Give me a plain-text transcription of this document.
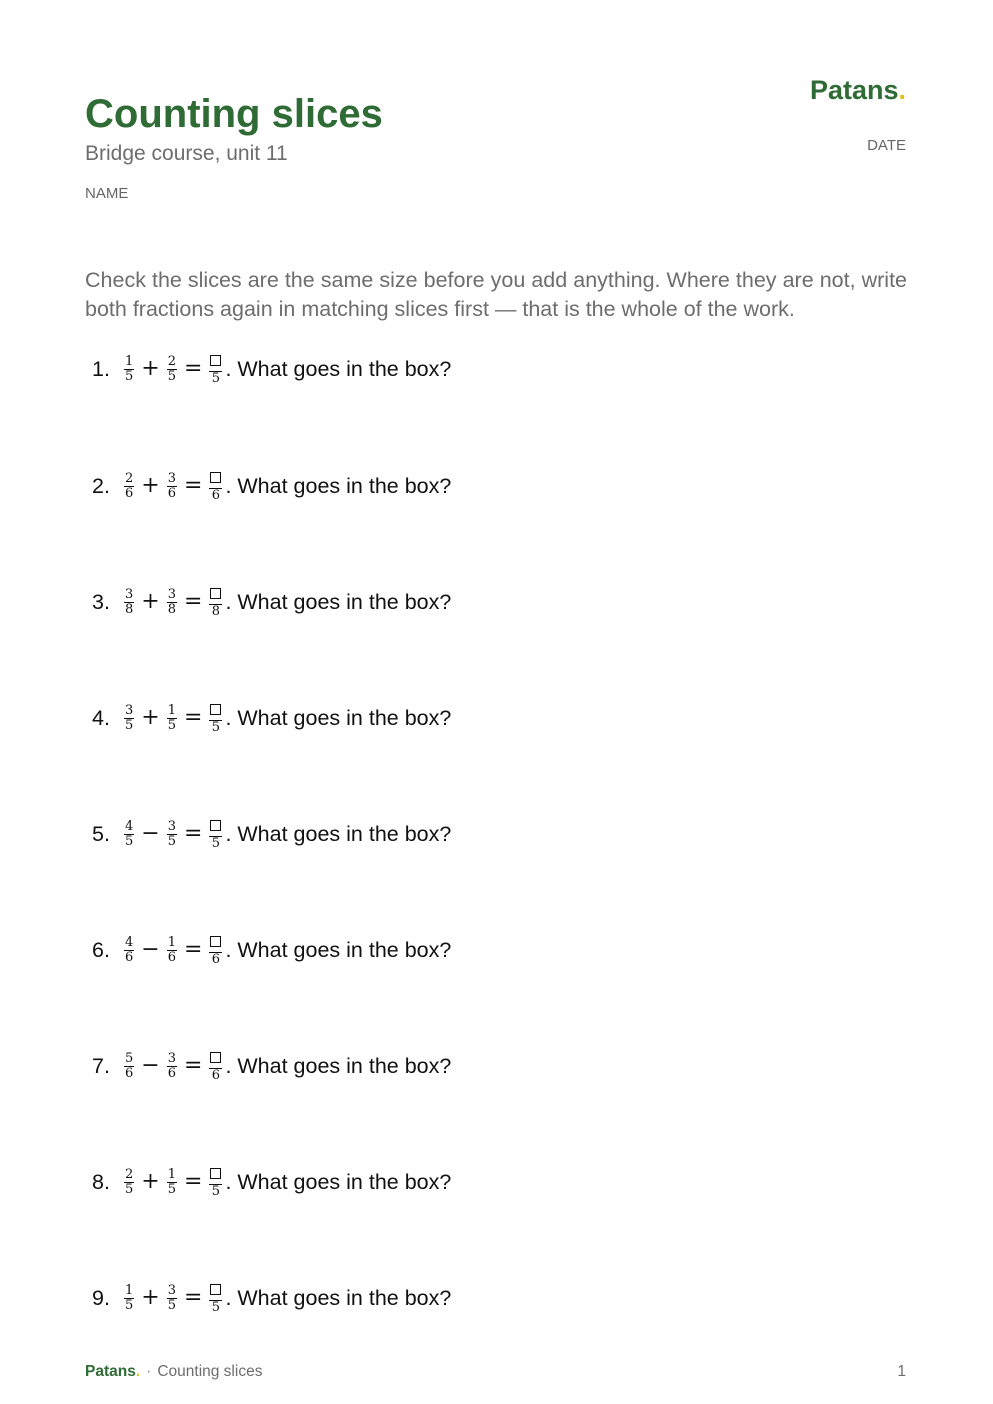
Counting slices
Bridge course, unit 11
NAME
Patans.
DATE

Check the slices are the same size before you add anything. Where they are not, write both fractions again in matching slices first — that is the whole of the work.

1.	$\frac{1}{5} + \frac{2}{5} = 5$ . What goes in the box?
2.	$\frac{2}{6} + \frac{3}{6} = 6$ . What goes in the box?
3.	$\frac{3}{8} + \frac{3}{8} = 8$ . What goes in the box?
4.	$\frac{3}{5} + \frac{1}{5} = 5$ . What goes in the box?
5.	$\frac{4}{5} - \frac{3}{5} = 5$ . What goes in the box?
6.	$\frac{4}{6} - \frac{1}{6} = 6$ . What goes in the box?
7.	$\frac{5}{6} - \frac{3}{6} = 6$ . What goes in the box?
8.	$\frac{2}{5} + \frac{1}{5} = 5$ . What goes in the box?
9.	$\frac{1}{5} + \frac{3}{5} = 5$ . What goes in the box?
Patans. · Counting slices	1
